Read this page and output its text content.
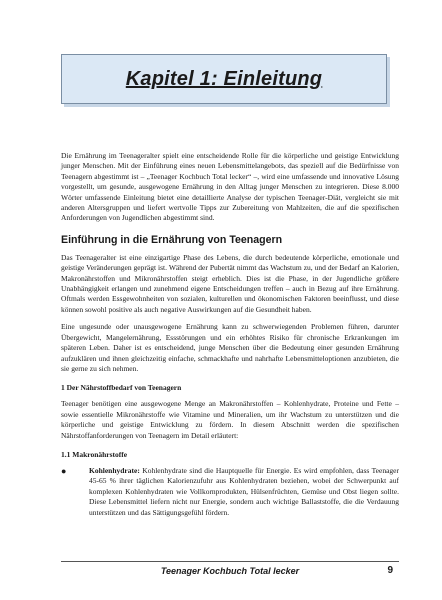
Kapitel 1: Einleitung

Die Ernährung im Teenageralter spielt eine entscheidende Rolle für die körperliche und geistige Entwicklung junger Menschen. Mit der Einführung eines neuen Lebensmittelangebots, das speziell auf die Bedürfnisse von Teenagern abgestimmt ist – „Teenager Kochbuch Total lecker“ –, wird eine umfassende und innovative Lösung vorgestellt, um gesunde, ausgewogene Ernährung in den Alltag junger Menschen zu integrieren. Diese 8.000 Wörter umfassende Einleitung bietet eine detaillierte Analyse der typischen Teenager-Diät, vergleicht sie mit anderen Altersgruppen und liefert wertvolle Tipps zur Zubereitung von Mahlzeiten, die auf die spezifischen Anforderungen von Jugendlichen abgestimmt sind.

Einführung in die Ernährung von Teenagern

Das Teenageralter ist eine einzigartige Phase des Lebens, die durch bedeutende körperliche, emotionale und geistige Veränderungen geprägt ist. Während der Pubertät nimmt das Wachstum zu, und der Bedarf an Kalorien, Makronährstoffen und Mikronährstoffen steigt erheblich. Dies ist die Phase, in der Jugendliche größere Unabhängigkeit erlangen und zunehmend eigene Entscheidungen treffen – auch in Bezug auf ihre Ernährung. Oftmals werden Essgewohnheiten von sozialen, kulturellen und ökonomischen Faktoren beeinflusst, und diese können sowohl positive als auch negative Auswirkungen auf die Gesundheit haben.

Eine ungesunde oder unausgewogene Ernährung kann zu schwerwiegenden Problemen führen, darunter Übergewicht, Mangelernährung, Essstörungen und ein erhöhtes Risiko für chronische Erkrankungen im späteren Leben. Daher ist es entscheidend, junge Menschen über die Bedeutung einer gesunden Ernährung aufzuklären und ihnen gleichzeitig einfache, schmackhafte und nahrhafte Lebensmitteloptionen anzubieten, die sie gerne zu sich nehmen.

1 Der Nährstoffbedarf von Teenagern

Teenager benötigen eine ausgewogene Menge an Makronährstoffen – Kohlenhydrate, Proteine und Fette – sowie essentielle Mikronährstoffe wie Vitamine und Mineralien, um ihr Wachstum zu unterstützen und die körperliche und geistige Entwicklung zu fördern. In diesem Abschnitt werden die spezifischen Nährstoffanforderungen von Teenagern im Detail erläutert:

1.1 Makronährstoffe
●	Kohlenhydrate: Kohlenhydrate sind die Hauptquelle für Energie. Es wird empfohlen, dass Teenager 45-65 % ihrer täglichen Kalorienzufuhr aus Kohlenhydraten beziehen, wobei der Schwerpunkt auf komplexen Kohlenhydraten wie Vollkornprodukten, Hülsenfrüchten, Gemüse und Obst liegen sollte. Diese Lebensmittel liefern nicht nur Energie, sondern auch wichtige Ballaststoffe, die die Verdauung unterstützen und das Sättigungsgefühl fördern.
Teenager Kochbuch Total lecker	9
